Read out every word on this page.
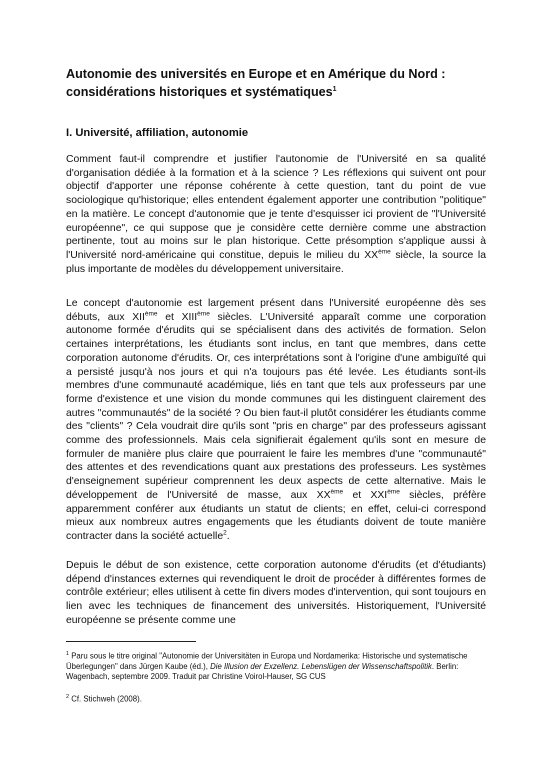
Autonomie des universités en Europe et en Amérique du Nord : considérations historiques et systématiques$^1$
I. Université, affiliation, autonomie

Comment faut-il comprendre et justifier l'autonomie de l'Université en sa qualité d'organisation dédiée à la formation et à la science ? Les réflexions qui suivent ont pour objectif d'apporter une réponse cohérente à cette question, tant du point de vue sociologique qu'historique; elles entendent également apporter une contribution "politique" en la matière. Le concept d'autonomie que je tente d'esquisser ici provient de "l'Université européenne", ce qui suppose que je considère cette dernière comme une abstraction pertinente, tout au moins sur le plan historique. Cette présomption s'applique aussi à l'Université nord-américaine qui constitue, depuis le milieu du XXème siècle, la source la plus importante de modèles du développement universitaire.

Le concept d'autonomie est largement présent dans l'Université européenne dès ses débuts, aux XIIème et XIIIème siècles. L'Université apparaît comme une corporation autonome formée d'érudits qui se spécialisent dans des activités de formation. Selon certaines interprétations, les étudiants sont inclus, en tant que membres, dans cette corporation autonome d'érudits. Or, ces interprétations sont à l'origine d'une ambiguïté qui a persisté jusqu'à nos jours et qui n'a toujours pas été levée. Les étudiants sont-ils membres d'une communauté académique, liés en tant que tels aux professeurs par une forme d'existence et une vision du monde communes qui les distinguent clairement des autres "communautés" de la société ? Ou bien faut-il plutôt considérer les étudiants comme des "clients" ? Cela voudrait dire qu'ils sont "pris en charge" par des professeurs agissant comme des professionnels. Mais cela signifierait également qu'ils sont en mesure de formuler de manière plus claire que pourraient le faire les membres d'une "communauté" des attentes et des revendications quant aux prestations des professeurs. Les systèmes d'enseignement supérieur comprennent les deux aspects de cette alternative. Mais le développement de l'Université de masse, aux XXème et XXIème siècles, préfère apparemment conférer aux étudiants un statut de clients; en effet, celui-ci correspond mieux aux nombreux autres engagements que les étudiants doivent de toute manière contracter dans la société actuelle$^2$.

Depuis le début de son existence, cette corporation autonome d'érudits (et d'étudiants) dépend d'instances externes qui revendiquent le droit de procéder à différentes formes de contrôle extérieur; elles utilisent à cette fin divers modes d'intervention, qui sont toujours en lien avec les techniques de financement des universités. Historiquement, l'Université européenne se présente comme une

$^1$ Paru sous le titre original "Autonomie der Universitäten in Europa und Nordamerika: Historische und systematische Überlegungen" dans Jürgen Kaube (éd.), Die Illusion der Exzellenz. Lebenslügen der Wissenschaftspolitik. Berlin: Wagenbach, septembre 2009. Traduit par Christine Voirol-Hauser, SG CUS

$^2$ Cf. Stichweh (2008).
